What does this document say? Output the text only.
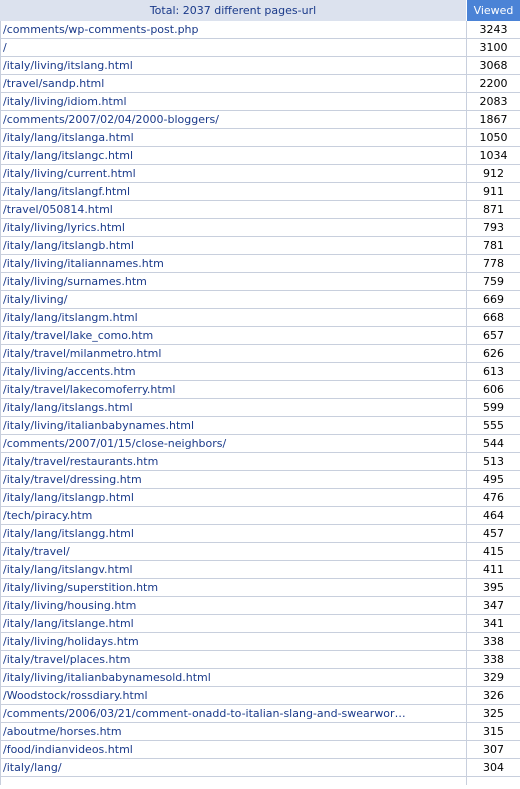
Total: 2037 different pages-url	Viewed
/comments/wp-comments-post.php	3243
/	3100
/italy/living/itslang.html	3068
/travel/sandp.html	2200
/italy/living/idiom.html	2083
/comments/2007/02/04/2000-bloggers/	1867
/italy/lang/itslanga.html	1050
/italy/lang/itslangc.html	1034
/italy/living/current.html	912
/italy/lang/itslangf.html	911
/travel/050814.html	871
/italy/living/lyrics.html	793
/italy/lang/itslangb.html	781
/italy/living/italiannames.htm	778
/italy/living/surnames.htm	759
/italy/living/	669
/italy/lang/itslangm.html	668
/italy/travel/lake_como.htm	657
/italy/travel/milanmetro.html	626
/italy/living/accents.htm	613
/italy/travel/lakecomoferry.html	606
/italy/lang/itslangs.html	599
/italy/living/italianbabynames.html	555
/comments/2007/01/15/close-neighbors/	544
/italy/travel/restaurants.htm	513
/italy/travel/dressing.htm	495
/italy/lang/itslangp.html	476
/tech/piracy.htm	464
/italy/lang/itslangg.html	457
/italy/travel/	415
/italy/lang/itslangv.html	411
/italy/living/superstition.htm	395
/italy/living/housing.htm	347
/italy/lang/itslange.html	341
/italy/living/holidays.htm	338
/italy/travel/places.htm	338
/italy/living/italianbabynamesold.html	329
/Woodstock/rossdiary.html	326
/comments/2006/03/21/comment-onadd-to-italian-slang-and-swearwor…	325
/aboutme/horses.htm	315
/food/indianvideos.html	307
/italy/lang/	304
